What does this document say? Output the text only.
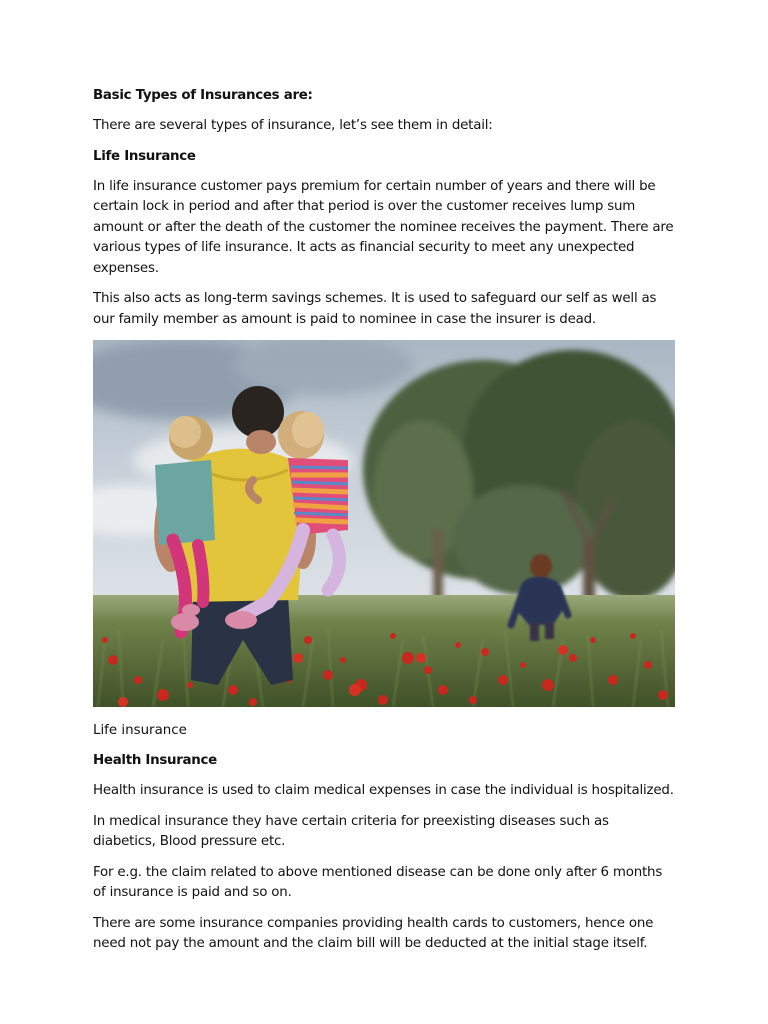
Basic Types of Insurances are:
There are several types of insurance, let’s see them in detail:
Life Insurance
In life insurance customer pays premium for certain number of years and there will be certain lock in period and after that period is over the customer receives lump sum amount or after the death of the customer the nominee receives the payment. There are various types of life insurance. It acts as financial security to meet any unexpected expenses.
This also acts as long-term savings schemes. It is used to safeguard our self as well as our family member as amount is paid to nominee in case the insurer is dead.
Life insurance
Health Insurance
Health insurance is used to claim medical expenses in case the individual is hospitalized.
In medical insurance they have certain criteria for preexisting diseases such as diabetics, Blood pressure etc.
For e.g. the claim related to above mentioned disease can be done only after 6 months of insurance is paid and so on.
There are some insurance companies providing health cards to customers, hence one need not pay the amount and the claim bill will be deducted at the initial stage itself.
